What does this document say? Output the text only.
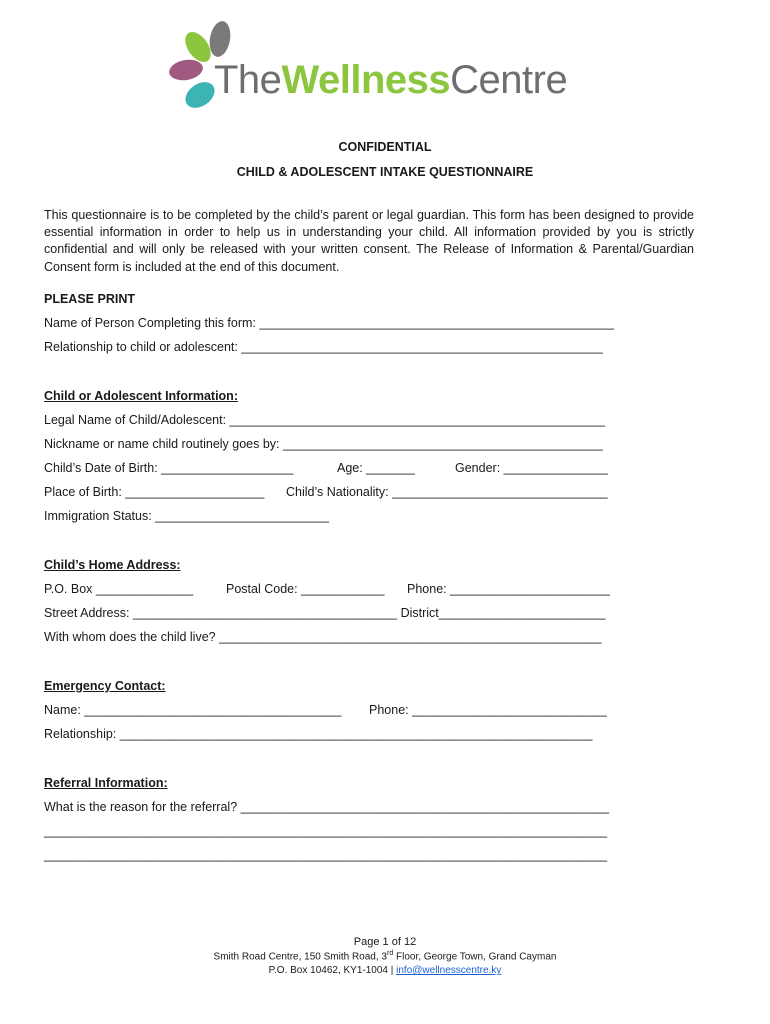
TheWellnessCentre
CONFIDENTIAL
CHILD & ADOLESCENT INTAKE QUESTIONNAIRE
This questionnaire is to be completed by the child’s parent or legal guardian. This form has been designed to provide essential information in order to help us in understanding your child. All information provided by you is strictly confidential and will only be released with your written consent. The Release of Information & Parental/Guardian Consent form is included at the end of this document.
PLEASE PRINT
Name of Person Completing this form: ___________________________________________________
Relationship to child or adolescent: ____________________________________________________
Child or Adolescent Information:
Legal Name of Child/Adolescent: ______________________________________________________
Nickname or name child routinely goes by: ______________________________________________
Child’s Date of Birth: ___________________	Age: _______	Gender: _______________
Place of Birth: ____________________ Child’s Nationality: _______________________________
Immigration Status: _________________________
Child’s Home Address:
P.O. Box ______________	Postal Code: ____________ Phone: _______________________
Street Address: ______________________________________ District________________________
With whom does the child live? _______________________________________________________
Emergency Contact:
Name: _____________________________________ Phone: ____________________________
Relationship: ____________________________________________________________________
Referral Information:
What is the reason for the referral? _____________________________________________________
_________________________________________________________________________________
_________________________________________________________________________________
Page 1 of 12
Smith Road Centre, 150 Smith Road, 3rd Floor, George Town, Grand Cayman
P.O. Box 10462, KY1-1004 | info@wellnesscentre.ky
